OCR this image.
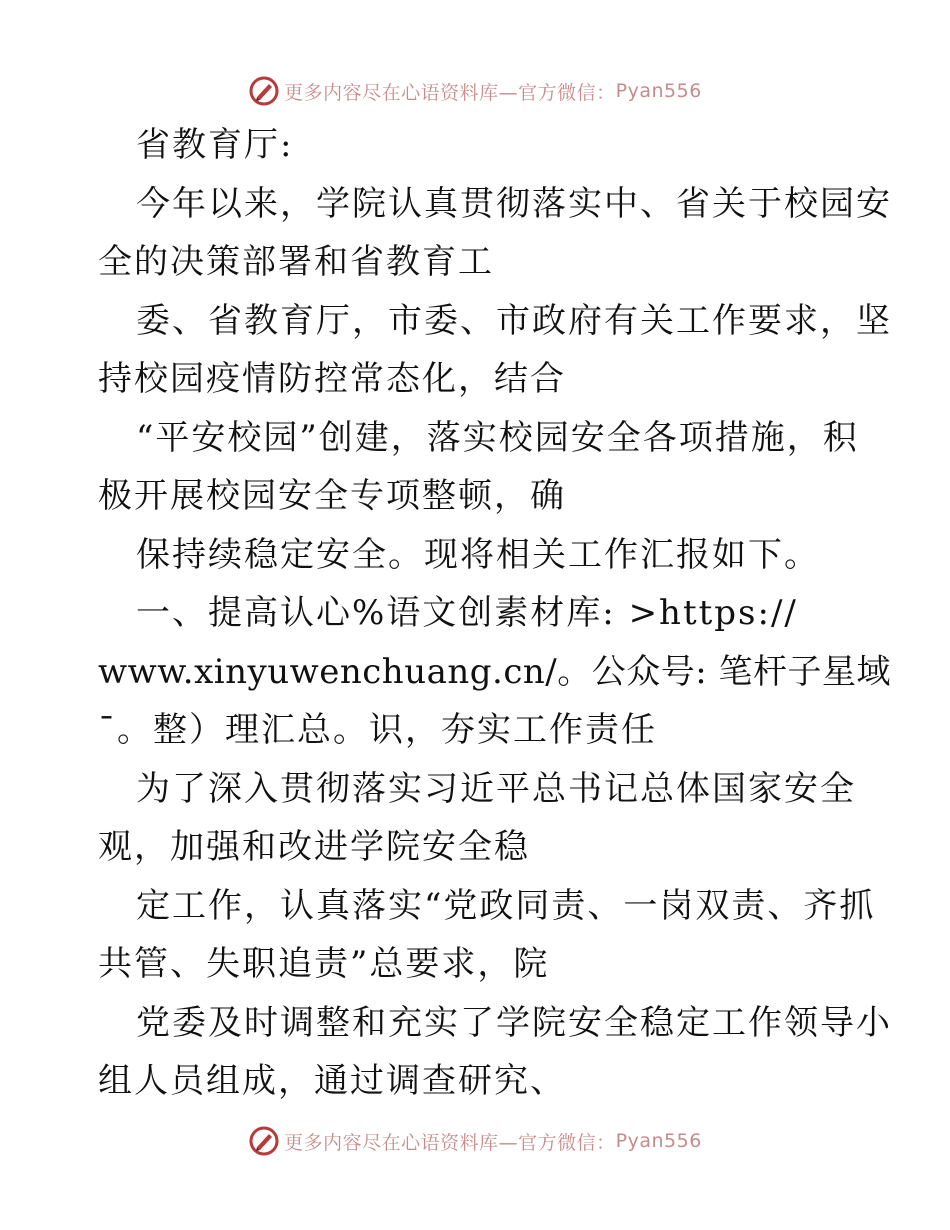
更多内容尽在心语资料库—官方微信： Pyan556
省教育厅:
今年以来，学院认真贯彻落实中、省关于校园安
全的决策部署和省教育工
委、省教育厅，市委、市政府有关工作要求，坚
持校园疫情防控常态化，结合
“平安校园”创建，落实校园安全各项措施，积
极开展校园安全专项整顿，确
保持续稳定安全。现将相关工作汇报如下。
一、提高认心%语文创素材库: >https://
www.xinyuwenchuang.cn/。公众号: 笔杆子星域
¯。整）理汇总。识，夯实工作责任
为了深入贯彻落实习近平总书记总体国家安全
观，加强和改进学院安全稳
定工作，认真落实“党政同责、一岗双责、齐抓
共管、失职追责”总要求，院
党委及时调整和充实了学院安全稳定工作领导小
组人员组成，通过调查研究、
更多内容尽在心语资料库—官方微信： Pyan556
